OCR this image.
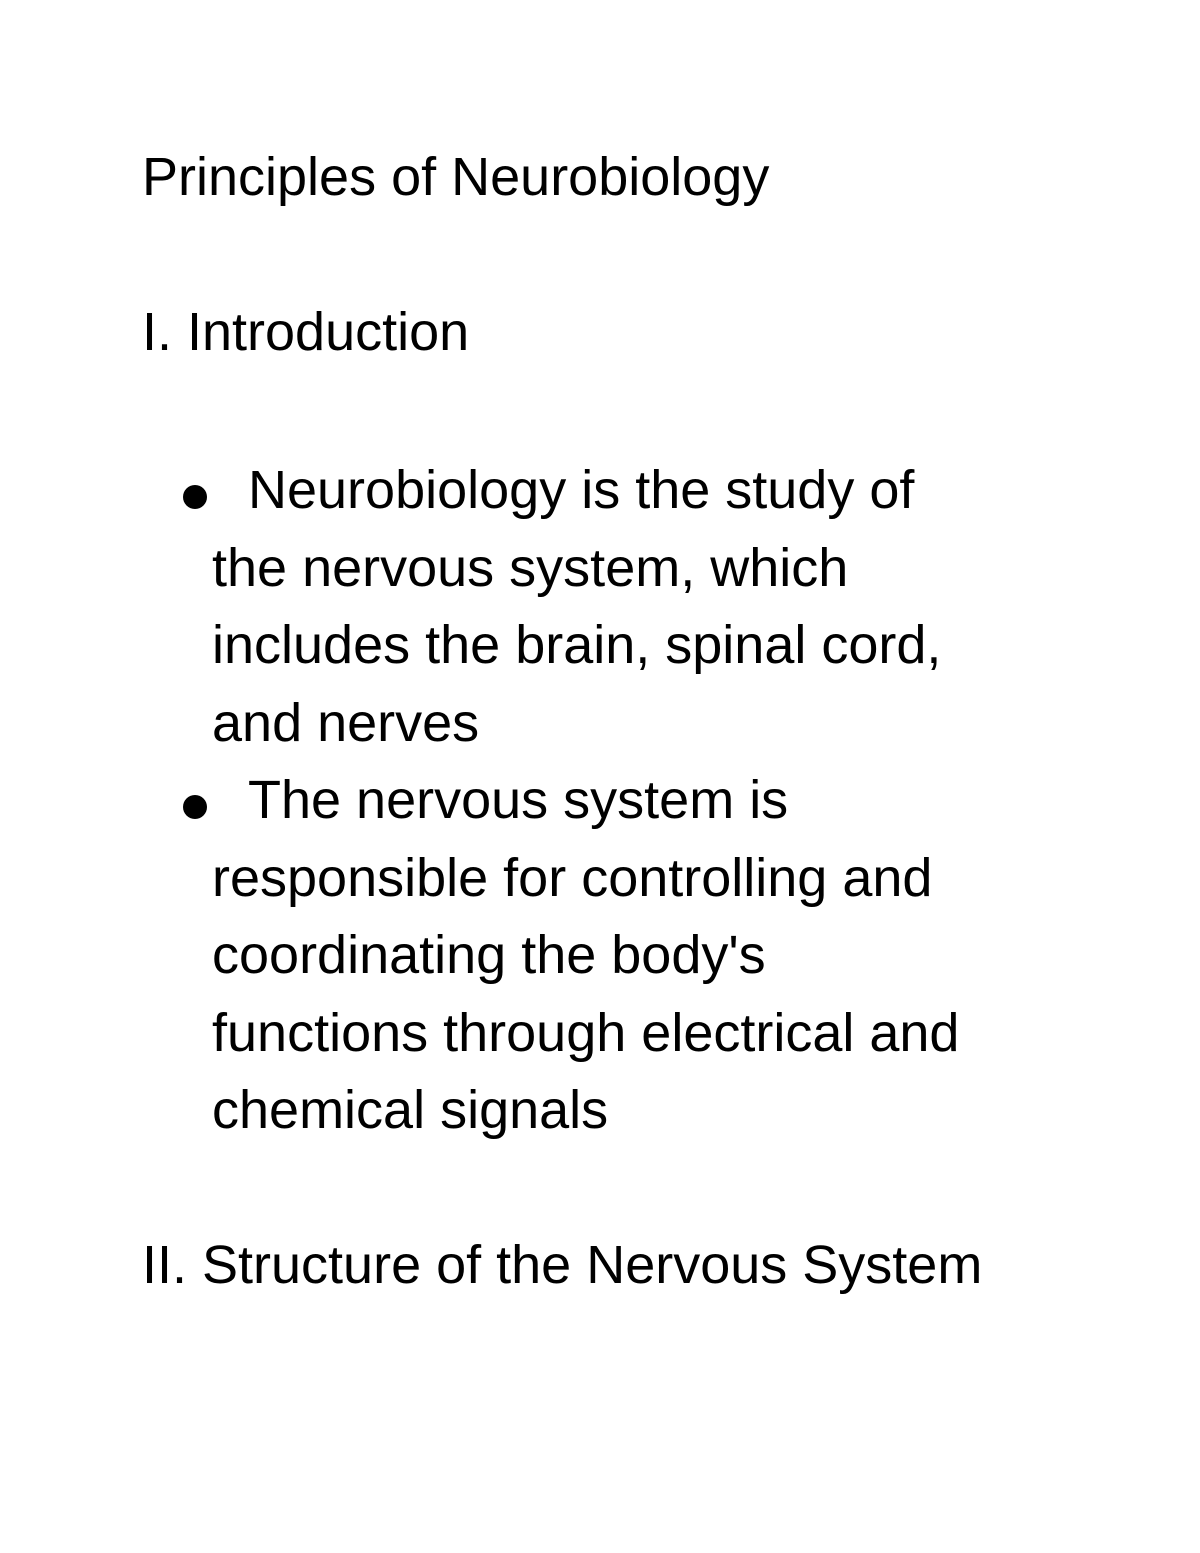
Principles of Neurobiology
I. Introduction
Neurobiology is the study of
the nervous system, which
includes the brain, spinal cord,
and nerves
The nervous system is
responsible for controlling and
coordinating the body's
functions through electrical and
chemical signals
II. Structure of the Nervous System
